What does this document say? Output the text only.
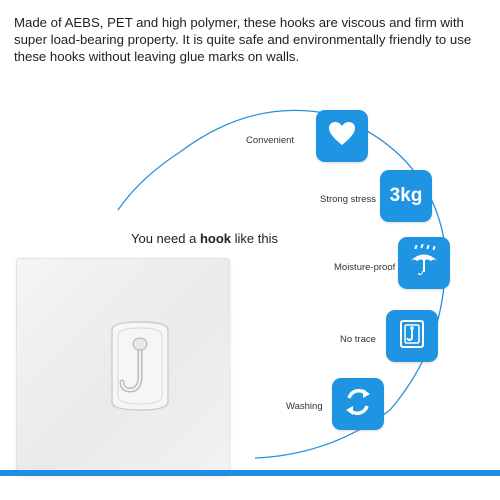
Made of AEBS, PET and high polymer, these hooks are viscous and firm with super load-bearing property. It is quite safe and environmentally friendly to use these hooks without leaving glue marks on walls.
You need a hook like this
Convenient
Strong stress 3kg
Moisture-proof
No trace
Washing
